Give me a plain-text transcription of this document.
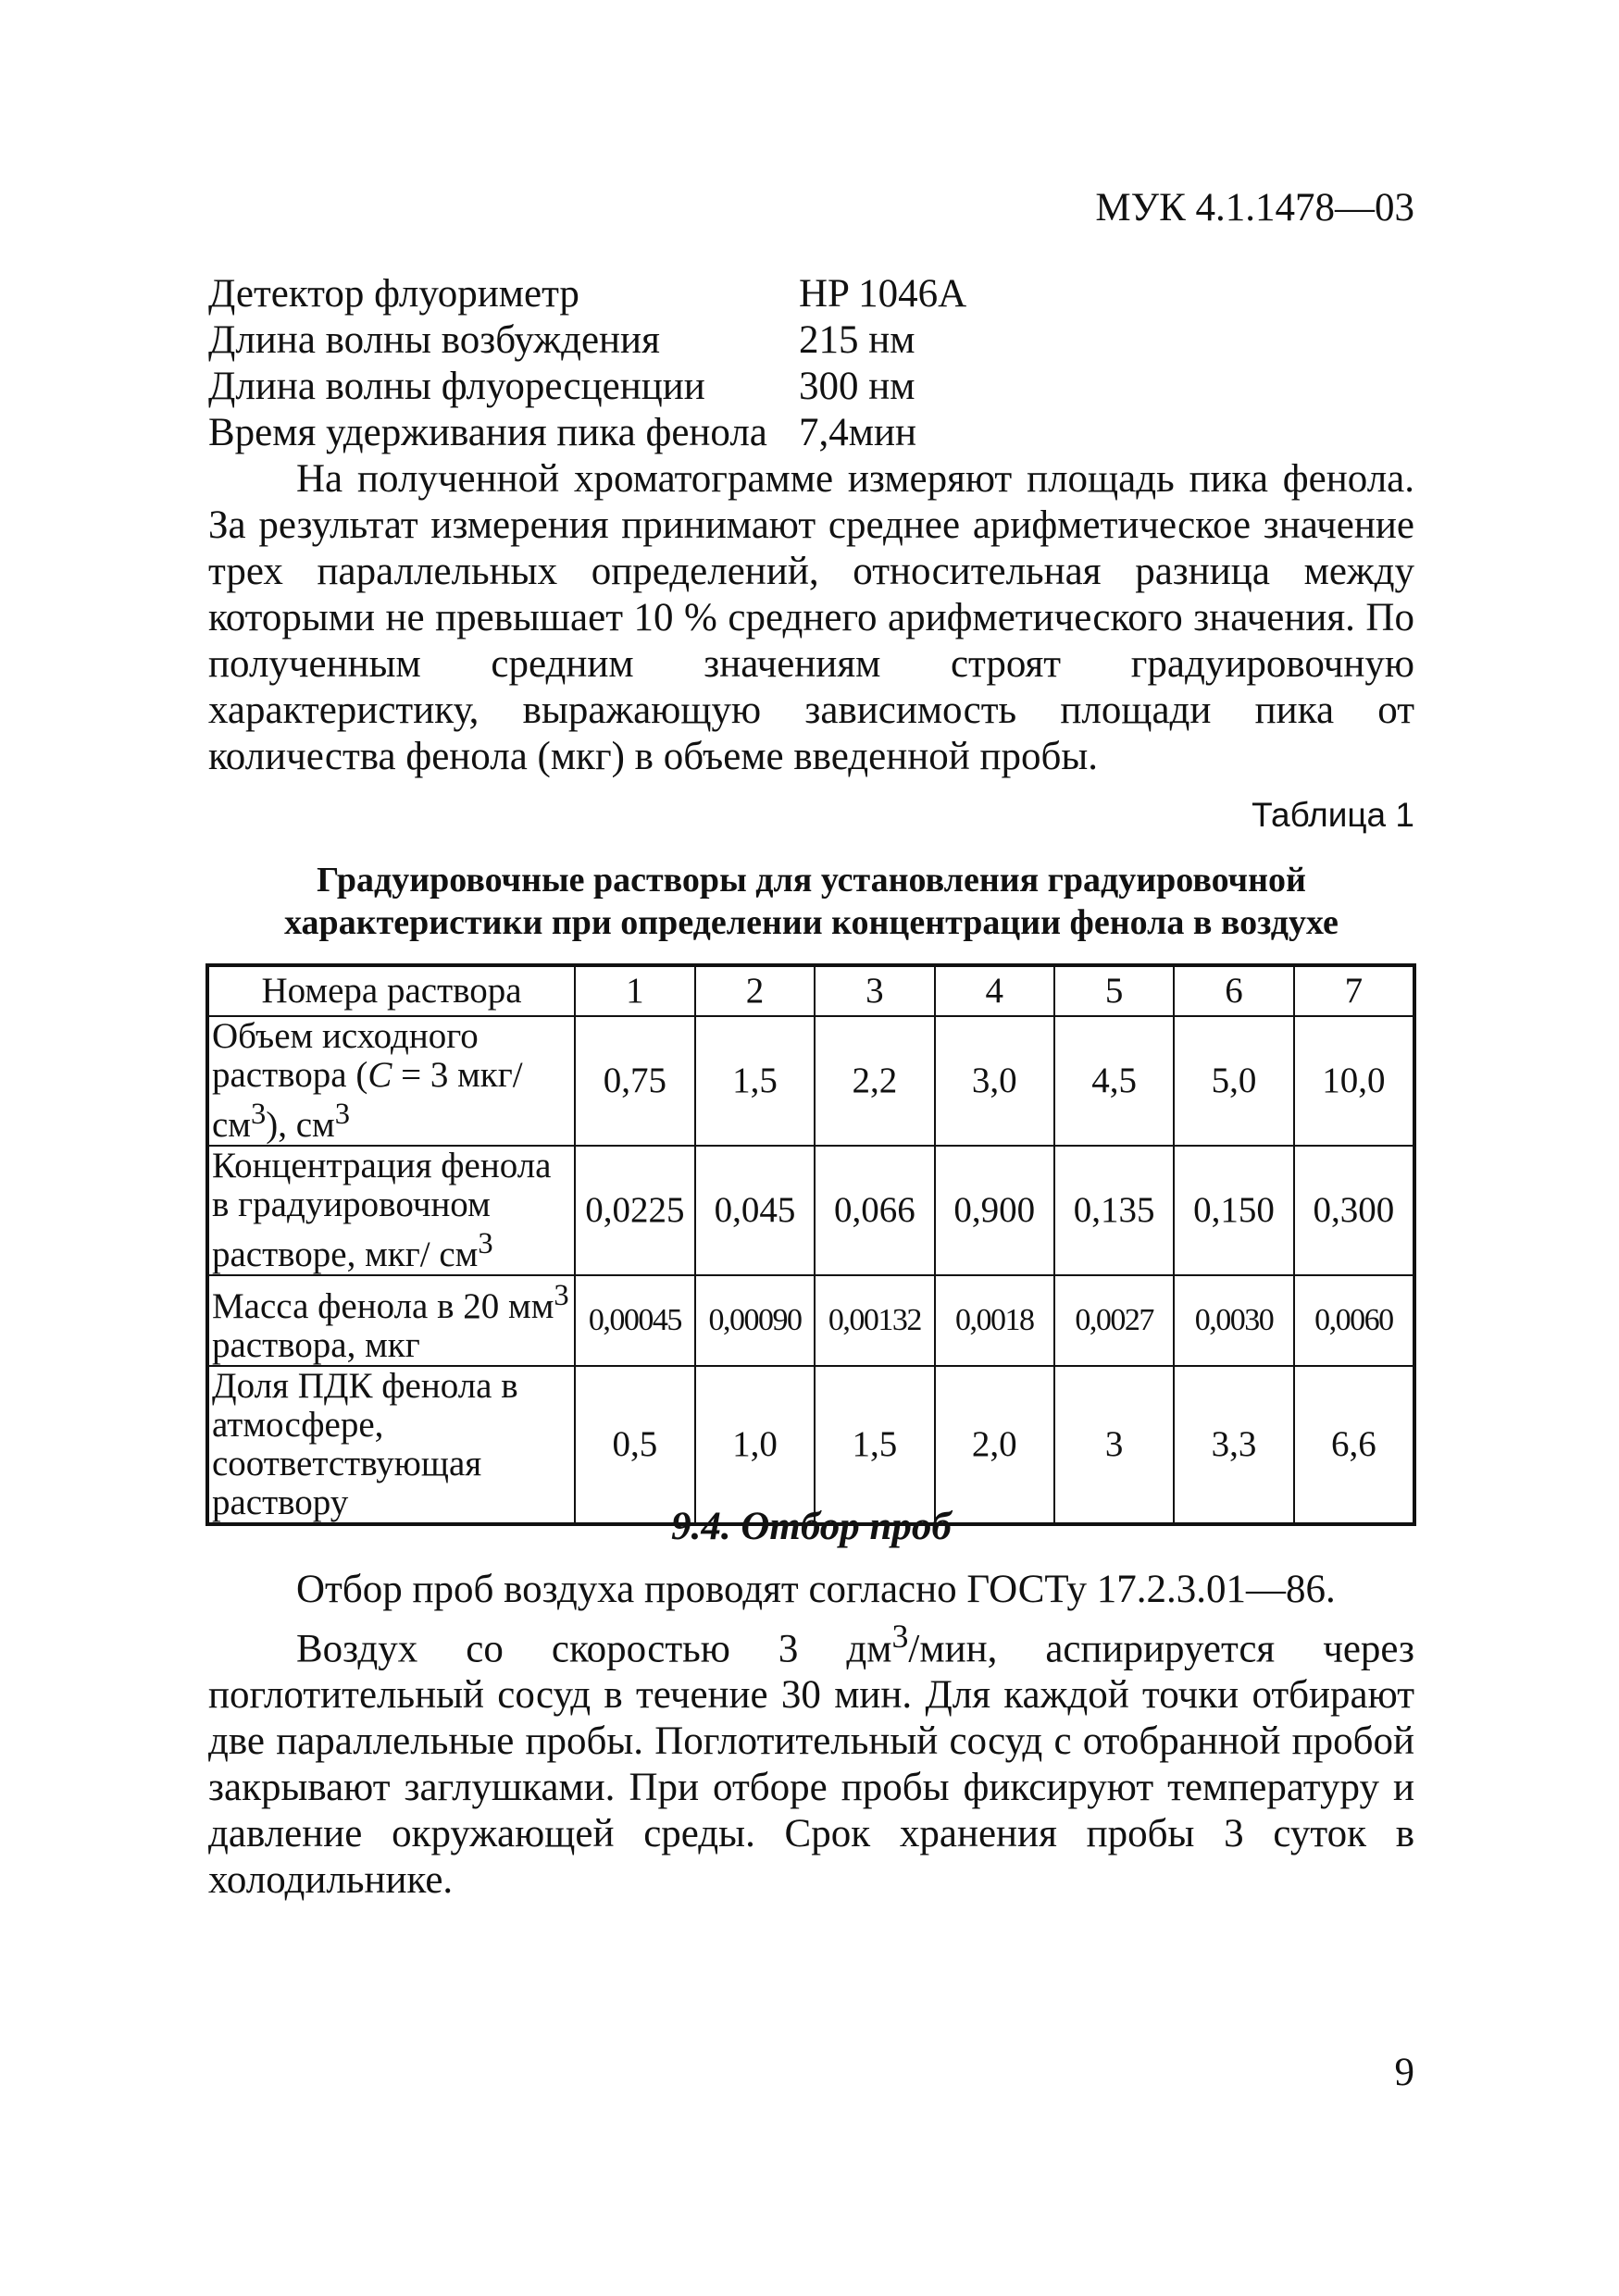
МУК 4.1.1478—03
Детектор флуориметр	HP 1046A
Длина волны возбуждения	215 нм
Длина волны флуоресценции	300 нм
Время удерживания пика фенола 7,4мин

На полученной хроматограмме измеряют площадь пика фенола. За результат измерения принимают среднее арифметическое значение трех параллельных определений, относительная разница между которыми не превышает 10 % среднего арифметического значения. По полученным средним значениям строят градуировочную характеристику, выражающую зависимость площади пика от количества фенола (мкг) в объеме введенной пробы.

Таблица 1
Градуировочные растворы для установления градуировочной характеристики при определении концентрации фенола в воздухе
Номера раствора	1	2	3	4	5	6	7
Объем исходного раствора (C = 3 мкг/$см^3$), $см^3$	0,75	1,5	2,2	3,0	4,5	5,0	10,0
Концентрация фенола в градуировочном растворе, мкг/ $см^3$	0,0225	0,045	0,066	0,900	0,135	0,150	0,300
Масса фенола в 20 $мм^3$ раствора, мкг	0,00045	0,00090	0,00132	0,0018	0,0027	0,0030	0,0060
Доля ПДК фенола в атмосфере, соответствующая раствору	0,5	1,0	1,5	2,0	3	3,3	6,6
9.4. Отбор проб

Отбор проб воздуха проводят согласно ГОСТу 17.2.3.01—86.

Воздух со скоростью 3 $дм^3$/мин, аспирируется через поглотительный сосуд в течение 30 мин. Для каждой точки отбирают две параллельные пробы. Поглотительный сосуд с отобранной пробой закрывают заглушками. При отборе пробы фиксируют температуру и давление окружающей среды. Срок хранения пробы 3 суток в холодильнике.

9
